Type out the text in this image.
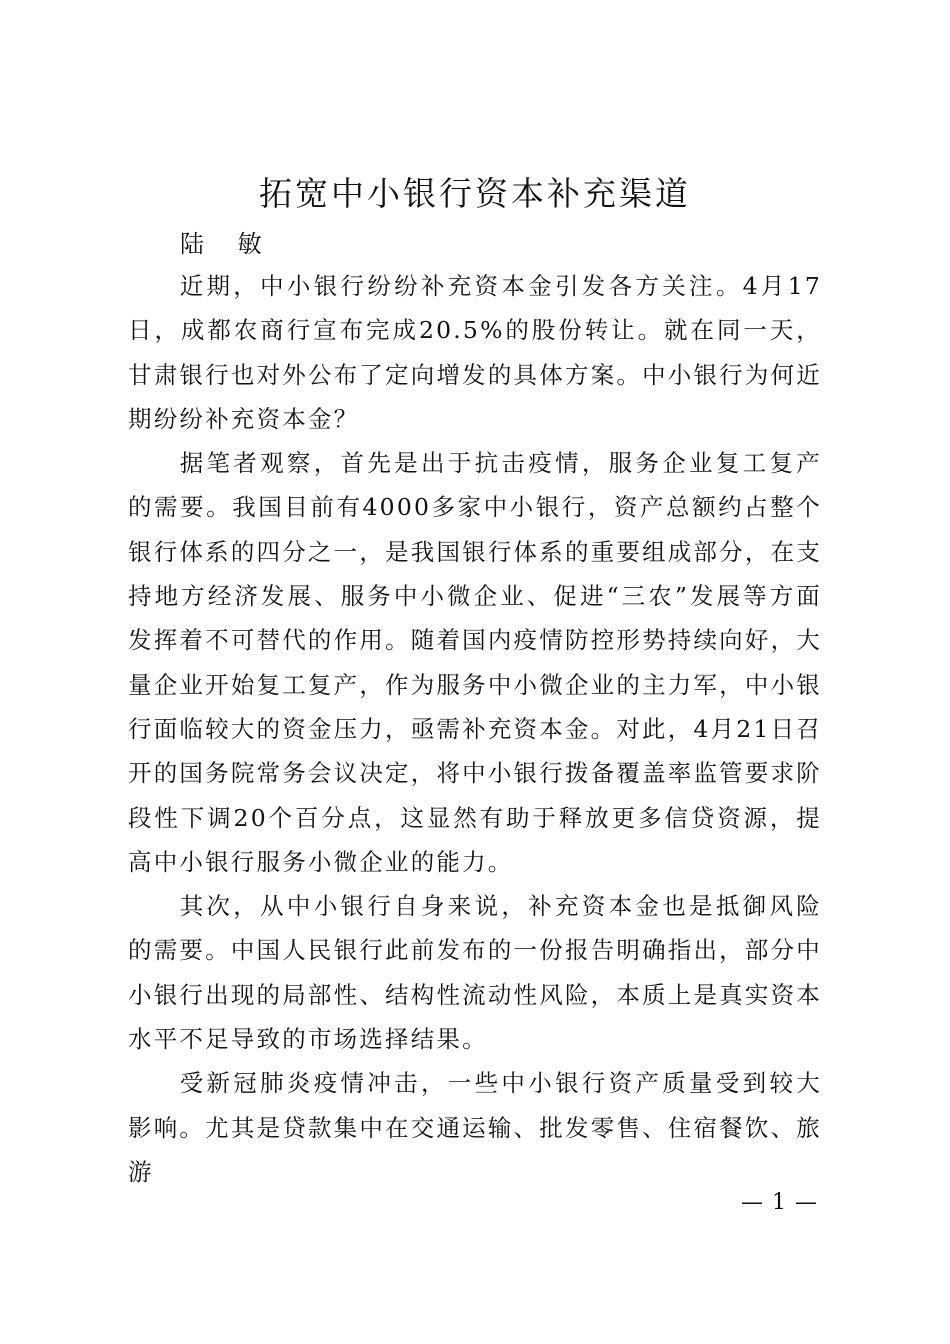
拓宽中小银行资本补充渠道
陆 敏

近期，中小银行纷纷补充资本金引发各方关注。4月17日，成都农商行宣布完成20.5%的股份转让。就在同一天，甘肃银行也对外公布了定向增发的具体方案。中小银行为何近期纷纷补充资本金？

据笔者观察，首先是出于抗击疫情，服务企业复工复产的需要。我国目前有4000多家中小银行，资产总额约占整个银行体系的四分之一，是我国银行体系的重要组成部分，在支持地方经济发展、服务中小微企业、促进“三农”发展等方面发挥着不可替代的作用。随着国内疫情防控形势持续向好，大量企业开始复工复产，作为服务中小微企业的主力军，中小银行面临较大的资金压力，亟需补充资本金。对此，4月21日召开的国务院常务会议决定，将中小银行拨备覆盖率监管要求阶段性下调20个百分点，这显然有助于释放更多信贷资源，提高中小银行服务小微企业的能力。

其次，从中小银行自身来说，补充资本金也是抵御风险的需要。中国人民银行此前发布的一份报告明确指出，部分中小银行出现的局部性、结构性流动性风险，本质上是真实资本水平不足导致的市场选择结果。

受新冠肺炎疫情冲击，一些中小银行资产质量受到较大影响。尤其是贷款集中在交通运输、批发零售、住宿餐饮、旅游

— 1 —
